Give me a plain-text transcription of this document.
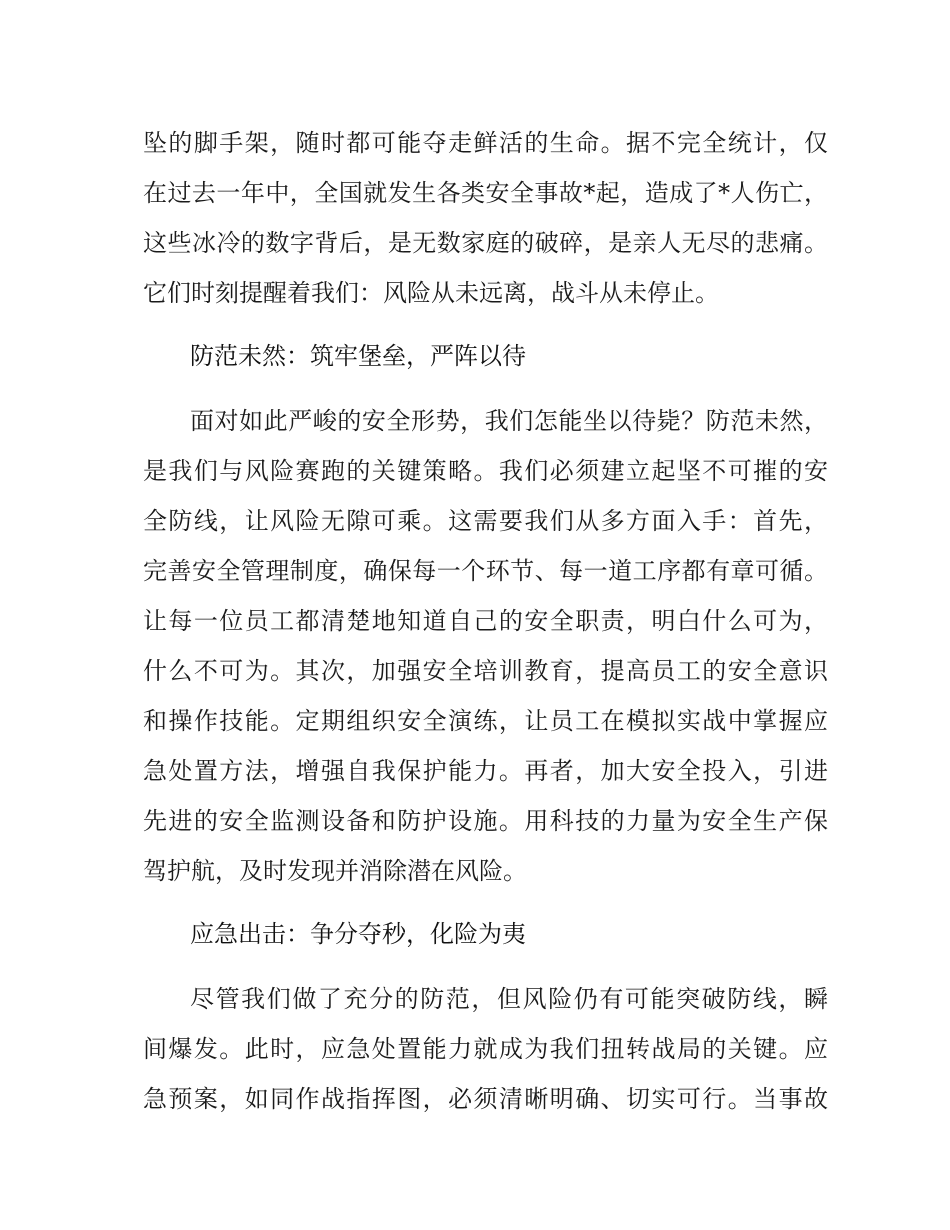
坠的脚手架，随时都可能夺走鲜活的生命。据不完全统计，仅
在过去一年中，全国就发生各类安全事故*起，造成了*人伤亡，
这些冰冷的数字背后，是无数家庭的破碎，是亲人无尽的悲痛。
它们时刻提醒着我们：风险从未远离，战斗从未停止。
防范未然：筑牢堡垒，严阵以待
面对如此严峻的安全形势，我们怎能坐以待毙？防范未然，
是我们与风险赛跑的关键策略。我们必须建立起坚不可摧的安
全防线，让风险无隙可乘。这需要我们从多方面入手：首先，
完善安全管理制度，确保每一个环节、每一道工序都有章可循。
让每一位员工都清楚地知道自己的安全职责，明白什么可为，
什么不可为。其次，加强安全培训教育，提高员工的安全意识
和操作技能。定期组织安全演练，让员工在模拟实战中掌握应
急处置方法，增强自我保护能力。再者，加大安全投入，引进
先进的安全监测设备和防护设施。用科技的力量为安全生产保
驾护航，及时发现并消除潜在风险。
应急出击：争分夺秒，化险为夷
尽管我们做了充分的防范，但风险仍有可能突破防线，瞬
间爆发。此时，应急处置能力就成为我们扭转战局的关键。应
急预案，如同作战指挥图，必须清晰明确、切实可行。当事故
